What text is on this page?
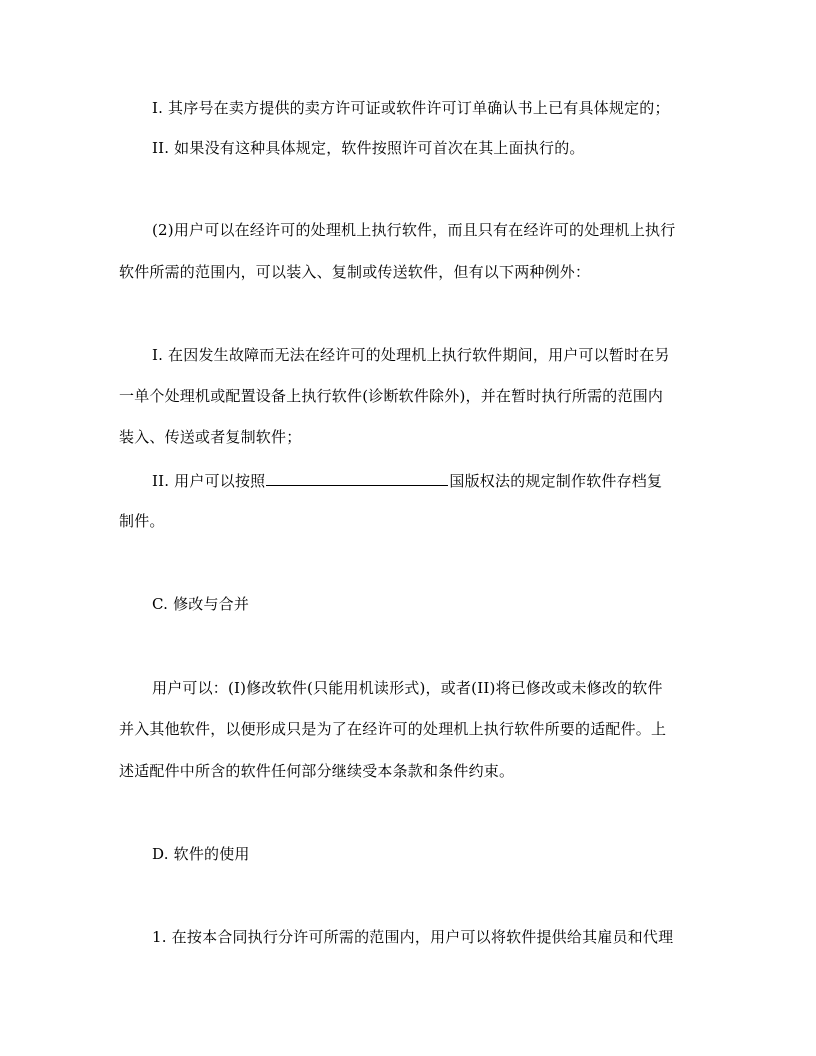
I. 其序号在卖方提供的卖方许可证或软件许可订单确认书上已有具体规定的；
II. 如果没有这种具体规定，软件按照许可首次在其上面执行的。
(2)用户可以在经许可的处理机上执行软件，而且只有在经许可的处理机上执行
软件所需的范围内，可以装入、复制或传送软件，但有以下两种例外：
I. 在因发生故障而无法在经许可的处理机上执行软件期间，用户可以暂时在另
一单个处理机或配置设备上执行软件(诊断软件除外)，并在暂时执行所需的范围内
装入、传送或者复制软件；
II. 用户可以按照	国版权法的规定制作软件存档复
制件。
C. 修改与合并
用户可以：(I)修改软件(只能用机读形式)，或者(II)将已修改或未修改的软件
并入其他软件，以便形成只是为了在经许可的处理机上执行软件所要的适配件。上
述适配件中所含的软件任何部分继续受本条款和条件约束。
D. 软件的使用
1. 在按本合同执行分许可所需的范围内，用户可以将软件提供给其雇员和代理
